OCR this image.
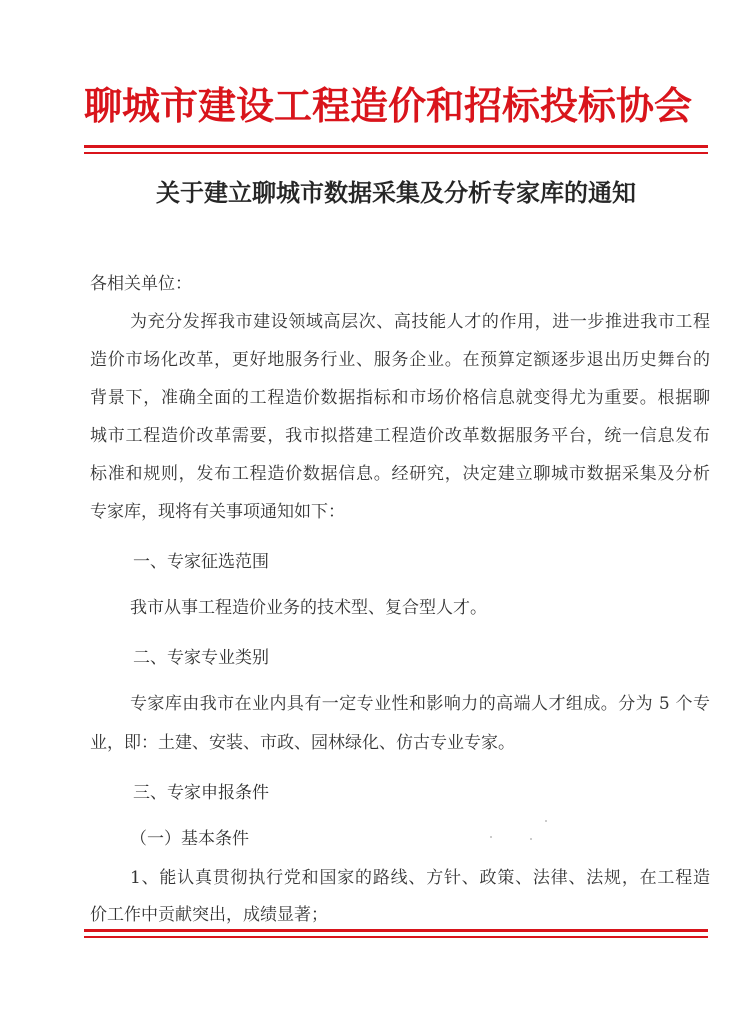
聊城市建设工程造价和招标投标协会
关于建立聊城市数据采集及分析专家库的通知
各相关单位：
为充分发挥我市建设领域高层次、高技能人才的作用，进一步推进我市工程
造价市场化改革，更好地服务行业、服务企业。在预算定额逐步退出历史舞台的
背景下，准确全面的工程造价数据指标和市场价格信息就变得尤为重要。根据聊
城市工程造价改革需要，我市拟搭建工程造价改革数据服务平台，统一信息发布
标准和规则，发布工程造价数据信息。经研究，决定建立聊城市数据采集及分析
专家库，现将有关事项通知如下：
一、专家征选范围
我市从事工程造价业务的技术型、复合型人才。
二、专家专业类别
专家库由我市在业内具有一定专业性和影响力的高端人才组成。分为 5 个专
业，即：土建、安装、市政、园林绿化、仿古专业专家。
三、专家申报条件
（一）基本条件
1、能认真贯彻执行党和国家的路线、方针、政策、法律、法规，在工程造
价工作中贡献突出，成绩显著；
